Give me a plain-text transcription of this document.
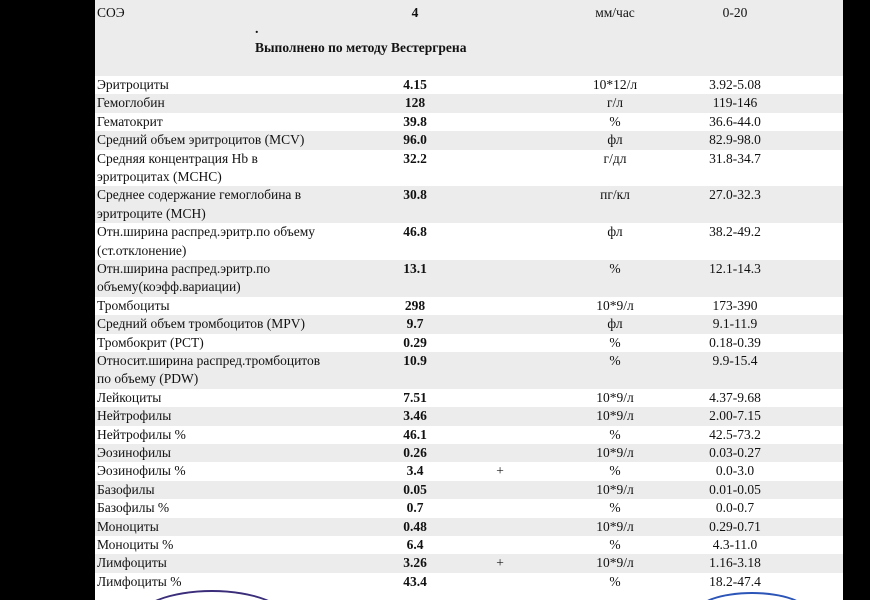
.
Выполнено по методу Вестергрена
СОЭ	4	мм/час	0-20
Эритроциты	4.15	10*12/л	3.92-5.08
Гемоглобин	128	г/л	119-146
Гематокрит	39.8	%	36.6-44.0
Средний объем эритроцитов (MCV)	96.0	фл	82.9-98.0
Средняя концентрация Hb в
эритроцитах (MCHC)
32.2	г/дл	31.8-34.7
Среднее содержание гемоглобина в
эритроците (MCH)
30.8	пг/кл	27.0-32.3
Отн.ширина распред.эритр.по объему
(ст.отклонение)
46.8	фл	38.2-49.2
Отн.ширина распред.эритр.по
объему(коэфф.вариации)
13.1	%	12.1-14.3
Тромбоциты	298	10*9/л	173-390
Средний объем тромбоцитов (MPV)	9.7	фл	9.1-11.9
Тромбокрит (PCT)	0.29	%	0.18-0.39
Относит.ширина распред.тромбоцитов
по объему (PDW)
10.9	%	9.9-15.4
Лейкоциты	7.51	10*9/л	4.37-9.68
Нейтрофилы	3.46	10*9/л	2.00-7.15
Нейтрофилы %	46.1	%	42.5-73.2
Эозинофилы	0.26	10*9/л	0.03-0.27
Эозинофилы %	3.4	+	%	0.0-3.0
Базофилы	0.05	10*9/л	0.01-0.05
Базофилы %	0.7	%	0.0-0.7
Моноциты	0.48	10*9/л	0.29-0.71
Моноциты %	6.4	%	4.3-11.0
Лимфоциты	3.26	+	10*9/л	1.16-3.18
Лимфоциты %	43.4	%	18.2-47.4
